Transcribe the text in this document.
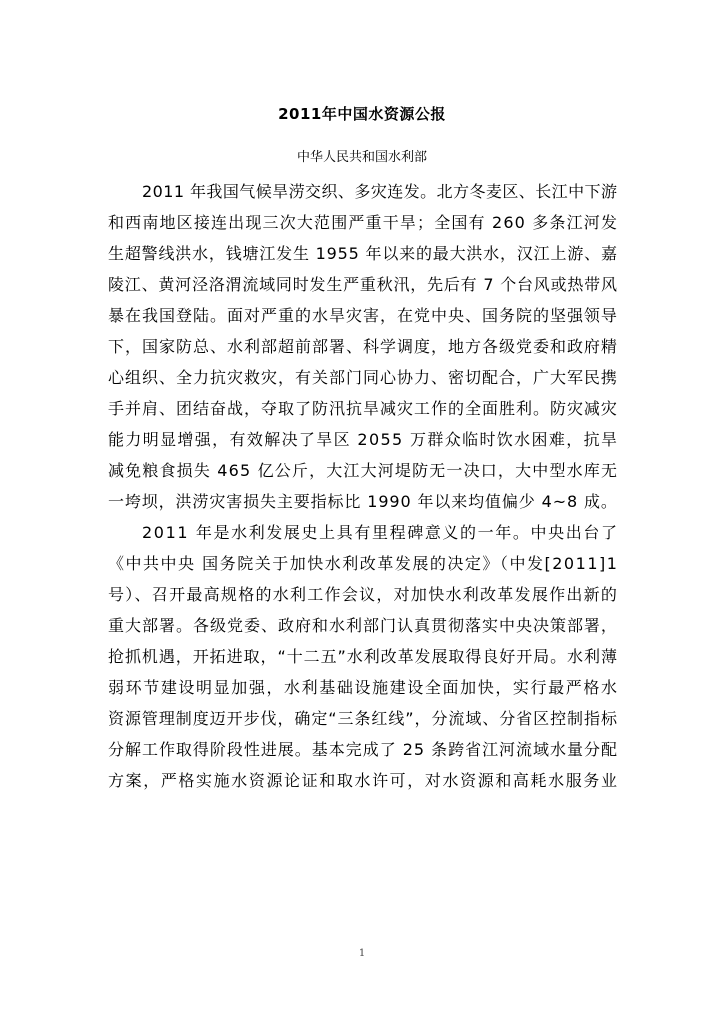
2011年中国水资源公报
中华人民共和国水利部
2011 年我国气候旱涝交织、多灾连发。北方冬麦区、长江中下游
和西南地区接连出现三次大范围严重干旱；全国有 260 多条江河发
生超警线洪水，钱塘江发生 1955 年以来的最大洪水，汉江上游、嘉
陵江、黄河泾洛渭流域同时发生严重秋汛，先后有 7 个台风或热带风
暴在我国登陆。面对严重的水旱灾害，在党中央、国务院的坚强领导
下，国家防总、水利部超前部署、科学调度，地方各级党委和政府精
心组织、全力抗灾救灾，有关部门同心协力、密切配合，广大军民携
手并肩、团结奋战，夺取了防汛抗旱减灾工作的全面胜利。防灾减灾
能力明显增强，有效解决了旱区 2055 万群众临时饮水困难，抗旱
减免粮食损失 465 亿公斤，大江大河堤防无一决口，大中型水库无
一垮坝，洪涝灾害损失主要指标比 1990 年以来均值偏少 4~8 成。
2011 年是水利发展史上具有里程碑意义的一年。中央出台了
《中共中央 国务院关于加快水利改革发展的决定》（中发[2011]1
号）、召开最高规格的水利工作会议，对加快水利改革发展作出新的
重大部署。各级党委、政府和水利部门认真贯彻落实中央决策部署，
抢抓机遇，开拓进取，“十二五”水利改革发展取得良好开局。水利薄
弱环节建设明显加强，水利基础设施建设全面加快，实行最严格水
资源管理制度迈开步伐，确定“三条红线”，分流域、分省区控制指标
分解工作取得阶段性进展。基本完成了 25 条跨省江河流域水量分配
方案，严格实施水资源论证和取水许可，对水资源和高耗水服务业
1
